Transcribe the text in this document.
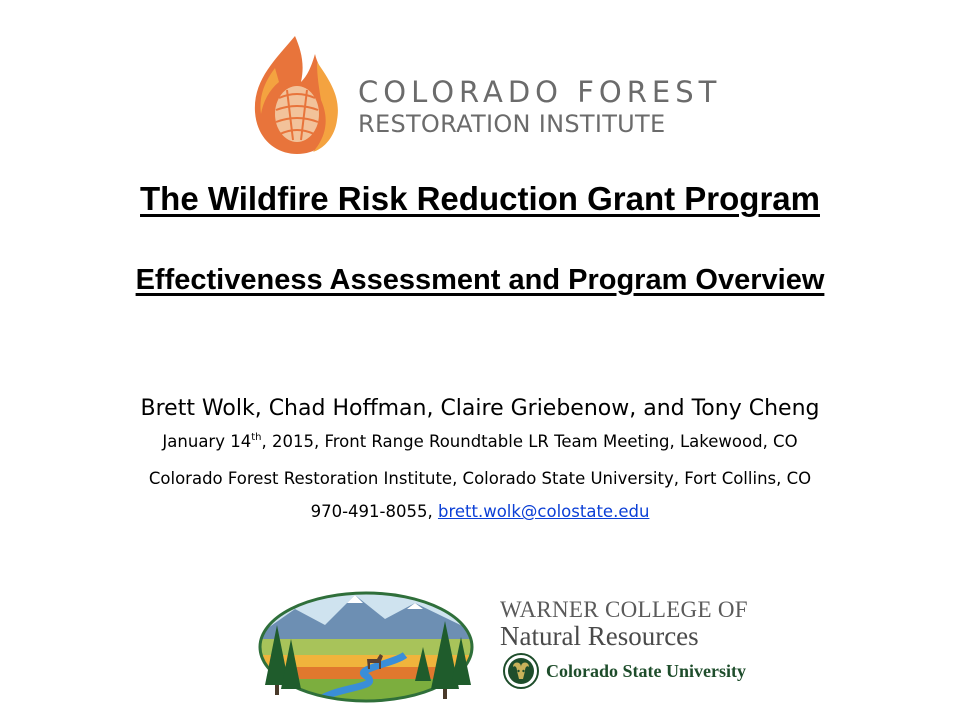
COLORADO FOREST
RESTORATION INSTITUTE
The Wildfire Risk Reduction Grant Program
Effectiveness Assessment and Program Overview
Brett Wolk, Chad Hoffman, Claire Griebenow, and Tony Cheng
January 14th, 2015, Front Range Roundtable LR Team Meeting, Lakewood, CO
Colorado Forest Restoration Institute, Colorado State University, Fort Collins, CO
970-491-8055, brett.wolk@colostate.edu
WARNER COLLEGE OF
Natural Resources
Colorado State University
